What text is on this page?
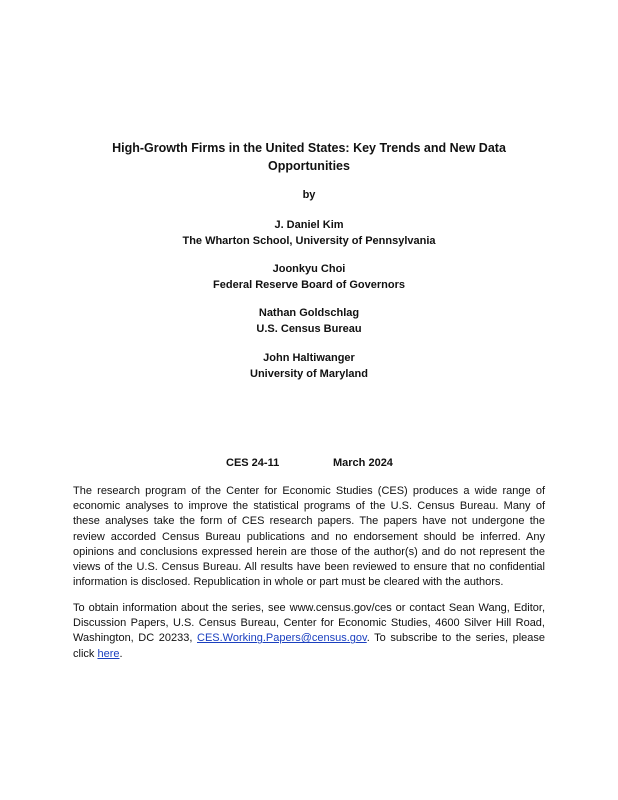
High-Growth Firms in the United States: Key Trends and New Data Opportunities
by
J. Daniel Kim
The Wharton School, University of Pennsylvania
Joonkyu Choi
Federal Reserve Board of Governors
Nathan Goldschlag
U.S. Census Bureau
John Haltiwanger
University of Maryland
CES 24-11	March 2024

The research program of the Center for Economic Studies (CES) produces a wide range of economic analyses to improve the statistical programs of the U.S. Census Bureau. Many of these analyses take the form of CES research papers. The papers have not undergone the review accorded Census Bureau publications and no endorsement should be inferred. Any opinions and conclusions expressed herein are those of the author(s) and do not represent the views of the U.S. Census Bureau. All results have been reviewed to ensure that no confidential information is disclosed. Republication in whole or part must be cleared with the authors.

To obtain information about the series, see www.census.gov/ces or contact Sean Wang, Editor, Discussion Papers, U.S. Census Bureau, Center for Economic Studies, 4600 Silver Hill Road, Washington, DC 20233, CES.Working.Papers@census.gov. To subscribe to the series, please click here.
